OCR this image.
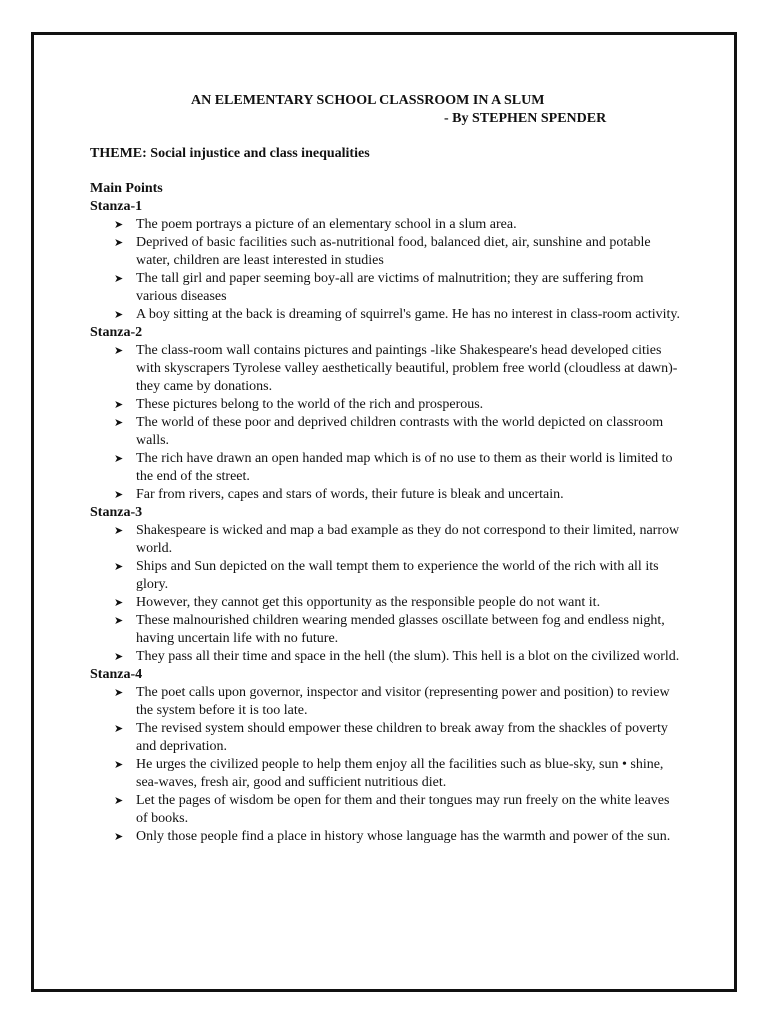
AN ELEMENTARY SCHOOL CLASSROOM IN A SLUM
- By STEPHEN SPENDER
THEME: Social injustice and class inequalities
Main Points
Stanza-1
➤ The poem portrays a picture of an elementary school in a slum area.
➤ Deprived of basic facilities such as-nutritional food, balanced diet, air, sunshine and potable water, children are least interested in studies
➤ The tall girl and paper seeming boy-all are victims of malnutrition; they are suffering from various diseases
➤ A boy sitting at the back is dreaming of squirrel's game. He has no interest in class-room activity.
Stanza-2
➤ The class-room wall contains pictures and paintings -like Shakespeare's head developed cities with skyscrapers Tyrolese valley aesthetically beautiful, problem free world (cloudless at dawn)-they came by donations.
➤ These pictures belong to the world of the rich and prosperous.
➤ The world of these poor and deprived children contrasts with the world depicted on classroom walls.
➤ The rich have drawn an open handed map which is of no use to them as their world is limited to the end of the street.
➤ Far from rivers, capes and stars of words, their future is bleak and uncertain.
Stanza-3
➤ Shakespeare is wicked and map a bad example as they do not correspond to their limited, narrow world.
➤ Ships and Sun depicted on the wall tempt them to experience the world of the rich with all its glory.
➤ However, they cannot get this opportunity as the responsible people do not want it.
➤ These malnourished children wearing mended glasses oscillate between fog and endless night, having uncertain life with no future.
➤ They pass all their time and space in the hell (the slum). This hell is a blot on the civilized world.
Stanza-4
➤ The poet calls upon governor, inspector and visitor (representing power and position) to review the system before it is too late.
➤ The revised system should empower these children to break away from the shackles of poverty and deprivation.
➤ He urges the civilized people to help them enjoy all the facilities such as blue-sky, sun • shine, sea-waves, fresh air, good and sufficient nutritious diet.
➤ Let the pages of wisdom be open for them and their tongues may run freely on the white leaves of books.
➤ Only those people find a place in history whose language has the warmth and power of the sun.
